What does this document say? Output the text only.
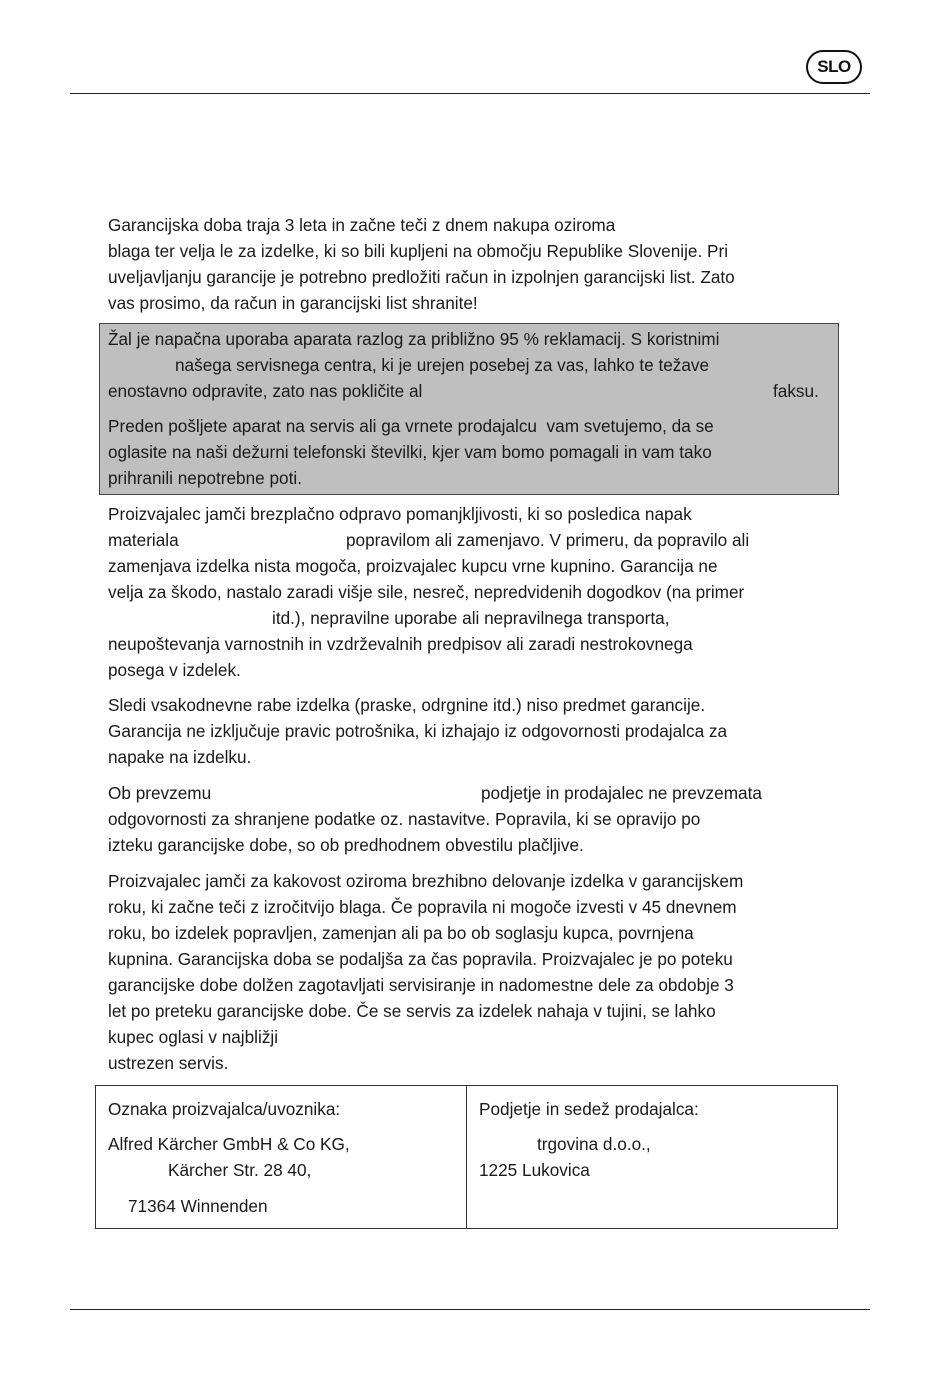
SLO
Garancijska doba traja 3 leta in začne teči z dnem nakupa oziroma
blaga ter velja le za izdelke, ki so bili kupljeni na območju Republike Slovenije. Pri
uveljavljanju garancije je potrebno predložiti račun in izpolnjen garancijski list. Zato
vas prosimo, da račun in garancijski list shranite!
Žal je napačna uporaba aparata razlog za približno 95 % reklamacij. S koristnimi
našega servisnega centra, ki je urejen posebej za vas, lahko te težave
enostavno odpravite, zato nas pokličite al	faksu.
Preden pošljete aparat na servis ali ga vrnete prodajalcu  vam svetujemo, da se
oglasite na naši dežurni telefonski številki, kjer vam bomo pomagali in vam tako
prihranili nepotrebne poti.
Proizvajalec jamči brezplačno odpravo pomanjkljivosti, ki so posledica napak
materiala	popravilom ali zamenjavo. V primeru, da popravilo ali
zamenjava izdelka nista mogoča, proizvajalec kupcu vrne kupnino. Garancija ne
velja za škodo, nastalo zaradi višje sile, nesreč, nepredvidenih dogodkov (na primer
itd.), nepravilne uporabe ali nepravilnega transporta,
neupoštevanja varnostnih in vzdrževalnih predpisov ali zaradi nestrokovnega
posega v izdelek.
Sledi vsakodnevne rabe izdelka (praske, odrgnine itd.) niso predmet garancije.
Garancija ne izključuje pravic potrošnika, ki izhajajo iz odgovornosti prodajalca za
napake na izdelku.
Ob prevzemu	podjetje in prodajalec ne prevzemata
odgovornosti za shranjene podatke oz. nastavitve. Popravila, ki se opravijo po
izteku garancijske dobe, so ob predhodnem obvestilu plačljive.
Proizvajalec jamči za kakovost oziroma brezhibno delovanje izdelka v garancijskem
roku, ki začne teči z izročitvijo blaga. Če popravila ni mogoče izvesti v 45 dnevnem
roku, bo izdelek popravljen, zamenjan ali pa bo ob soglasju kupca, povrnjena
kupnina. Garancijska doba se podaljša za čas popravila. Proizvajalec je po poteku
garancijske dobe dolžen zagotavljati servisiranje in nadomestne dele za obdobje 3
let po preteku garancijske dobe. Če se servis za izdelek nahaja v tujini, se lahko
kupec oglasi v najbližji
ustrezen servis.
Oznaka proizvajalca/uvoznika:
Alfred Kärcher GmbH & Co KG,
Kärcher Str. 28 40,
71364 Winnenden
Podjetje in sedež prodajalca:
trgovina d.o.o.,
1225 Lukovica
